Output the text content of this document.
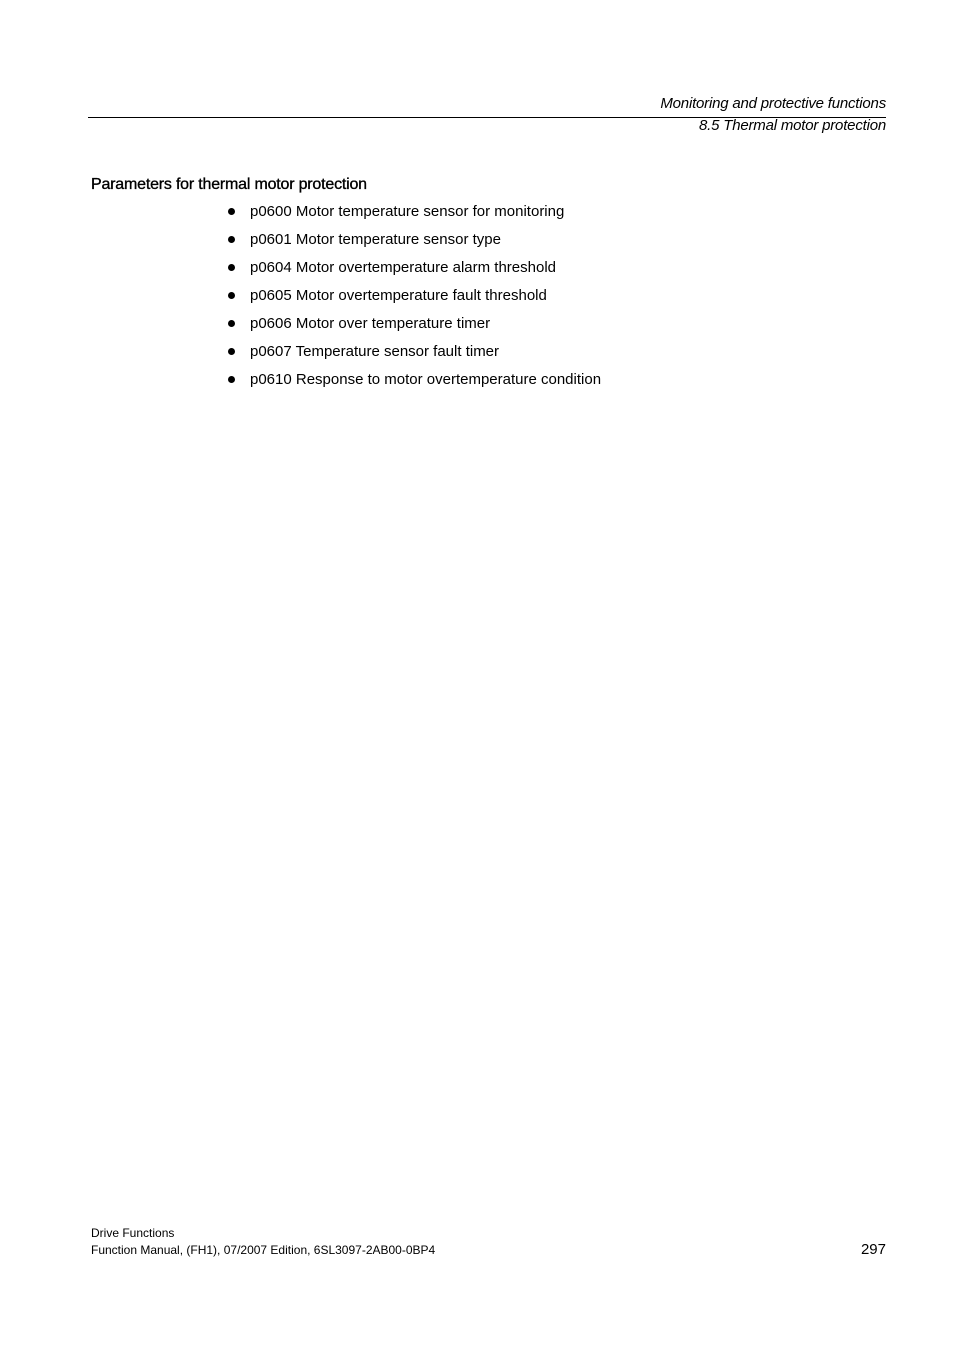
Monitoring and protective functions
8.5 Thermal motor protection
Parameters for thermal motor protection
p0600 Motor temperature sensor for monitoring
p0601 Motor temperature sensor type
p0604 Motor overtemperature alarm threshold
p0605 Motor overtemperature fault threshold
p0606 Motor over temperature timer
p0607 Temperature sensor fault timer
p0610 Response to motor overtemperature condition
Drive Functions
Function Manual, (FH1), 07/2007 Edition, 6SL3097-2AB00-0BP4	297
